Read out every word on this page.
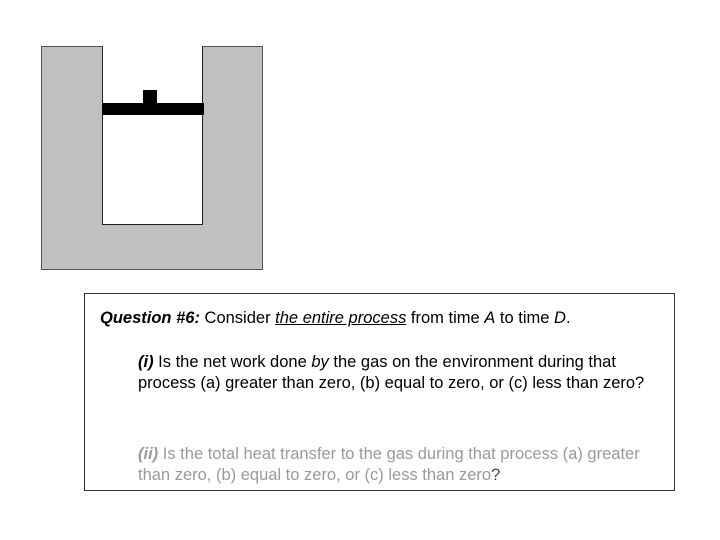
Question #6: Consider the entire process from time A to time D.
(i) Is the net work done by the gas on the environment during that process (a) greater than zero, (b) equal to zero, or (c) less than zero?
(ii) Is the total heat transfer to the gas during that process (a) greater than zero, (b) equal to zero, or (c) less than zero?
